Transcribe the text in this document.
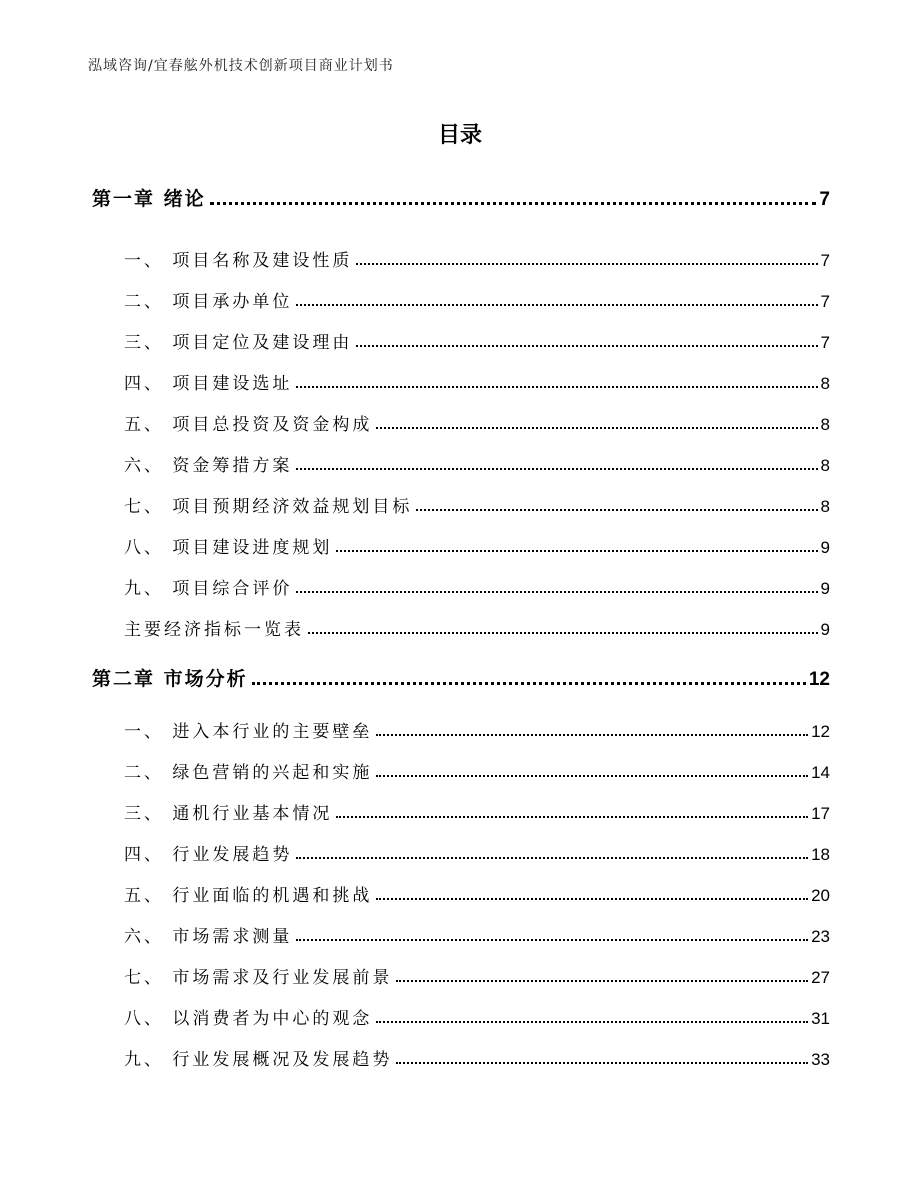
泓域咨询/宜春舷外机技术创新项目商业计划书
目录
第一章 绪论	7
一、 项目名称及建设性质	7
二、 项目承办单位	7
三、 项目定位及建设理由	7
四、 项目建设选址	8
五、 项目总投资及资金构成	8
六、 资金筹措方案	8
七、 项目预期经济效益规划目标	8
八、 项目建设进度规划	9
九、 项目综合评价	9
主要经济指标一览表	9
第二章 市场分析	12
一、 进入本行业的主要壁垒	12
二、 绿色营销的兴起和实施	14
三、 通机行业基本情况	17
四、 行业发展趋势	18
五、 行业面临的机遇和挑战	20
六、 市场需求测量	23
七、 市场需求及行业发展前景	27
八、 以消费者为中心的观念	31
九、 行业发展概况及发展趋势	33
